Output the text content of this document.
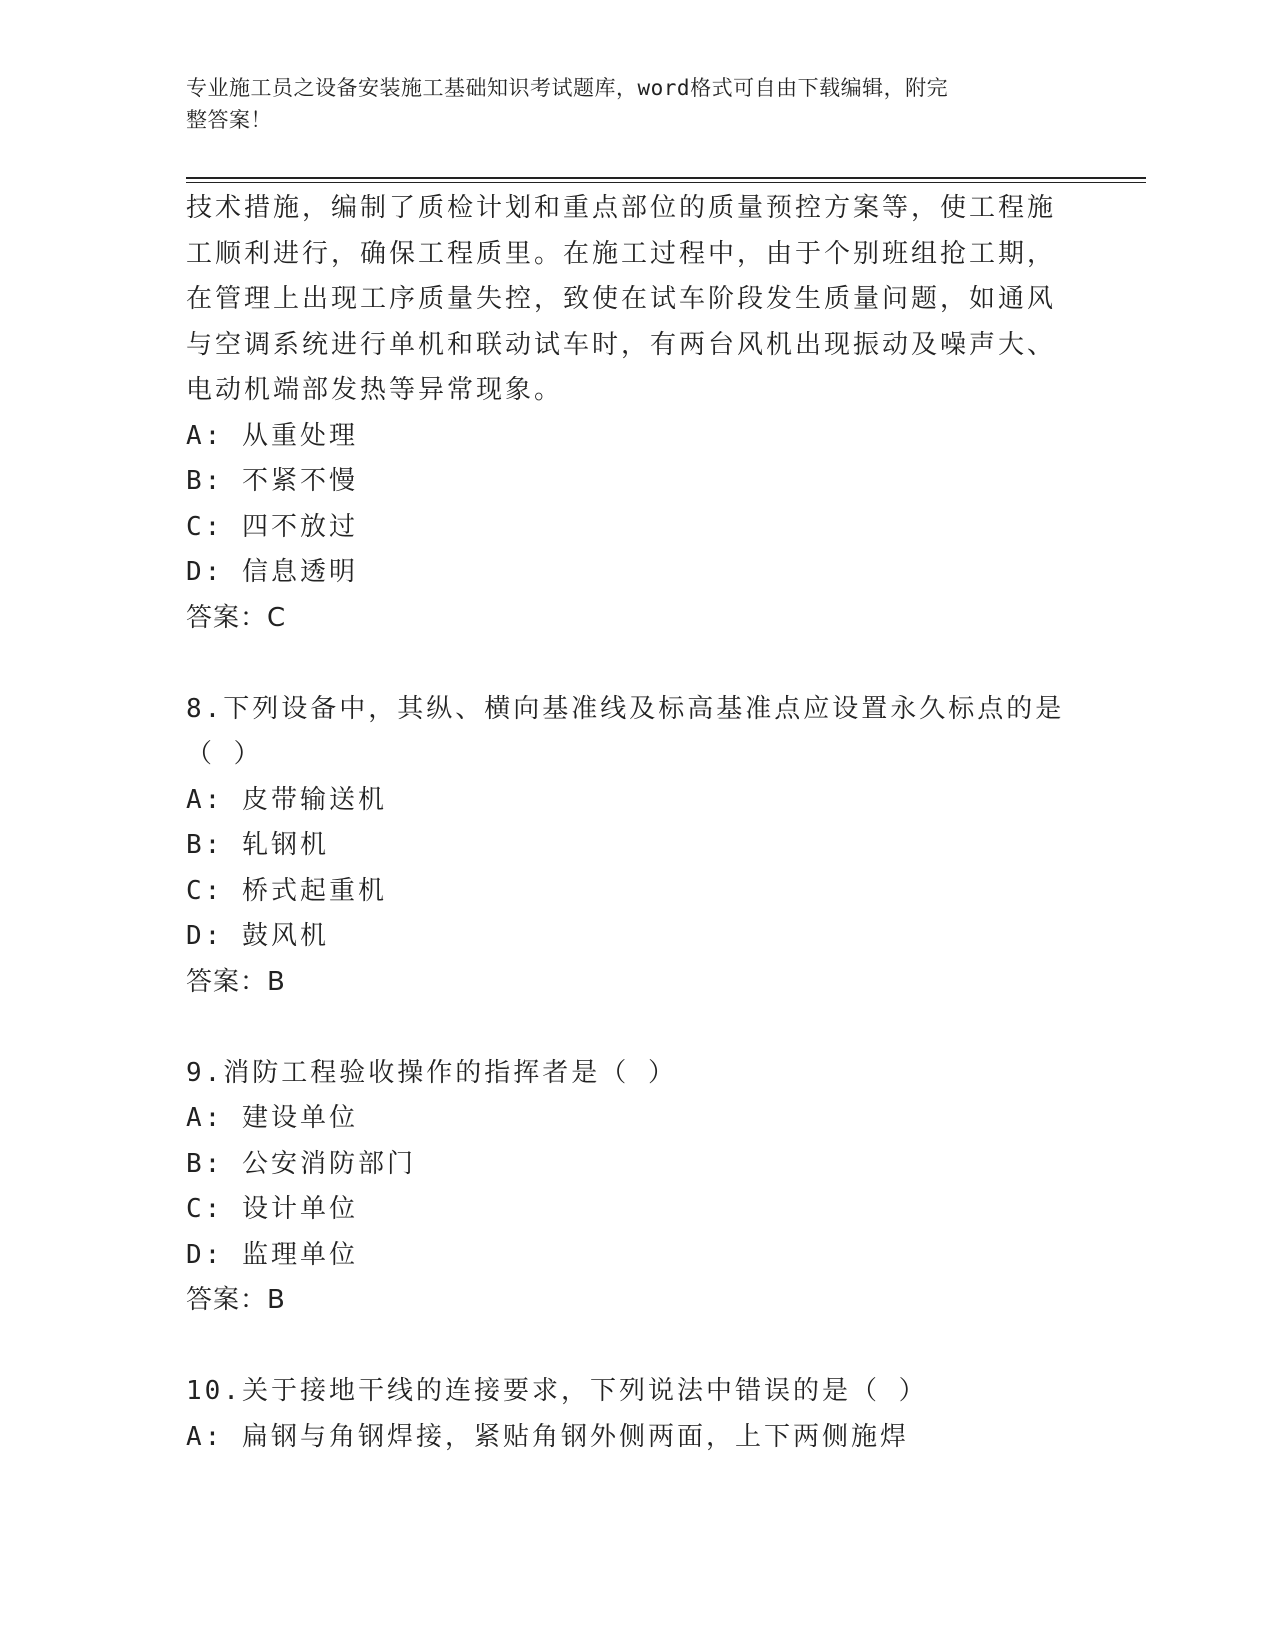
专业施工员之设备安装施工基础知识考试题库，word格式可自由下载编辑，附完
整答案！

技术措施，编制了质检计划和重点部位的质量预控方案等，使工程施

工顺利进行，确保工程质里。在施工过程中，由于个别班组抢工期，

在管理上出现工序质量失控，致使在试车阶段发生质量问题，如通风

与空调系统进行单机和联动试车时，有两台风机出现振动及噪声大、

电动机端部发热等异常现象。

A: 从重处理

B: 不紧不慢

C: 四不放过

D: 信息透明

答案：C

8.下列设备中，其纵、横向基准线及标高基准点应设置永久标点的是

（ ）

A: 皮带输送机

B: 轧钢机

C: 桥式起重机

D: 鼓风机

答案：B

9.消防工程验收操作的指挥者是（ ）

A: 建设单位

B: 公安消防部门

C: 设计单位

D: 监理单位

答案：B

10.关于接地干线的连接要求，下列说法中错误的是（ ）

A: 扁钢与角钢焊接，紧贴角钢外侧两面，上下两侧施焊
